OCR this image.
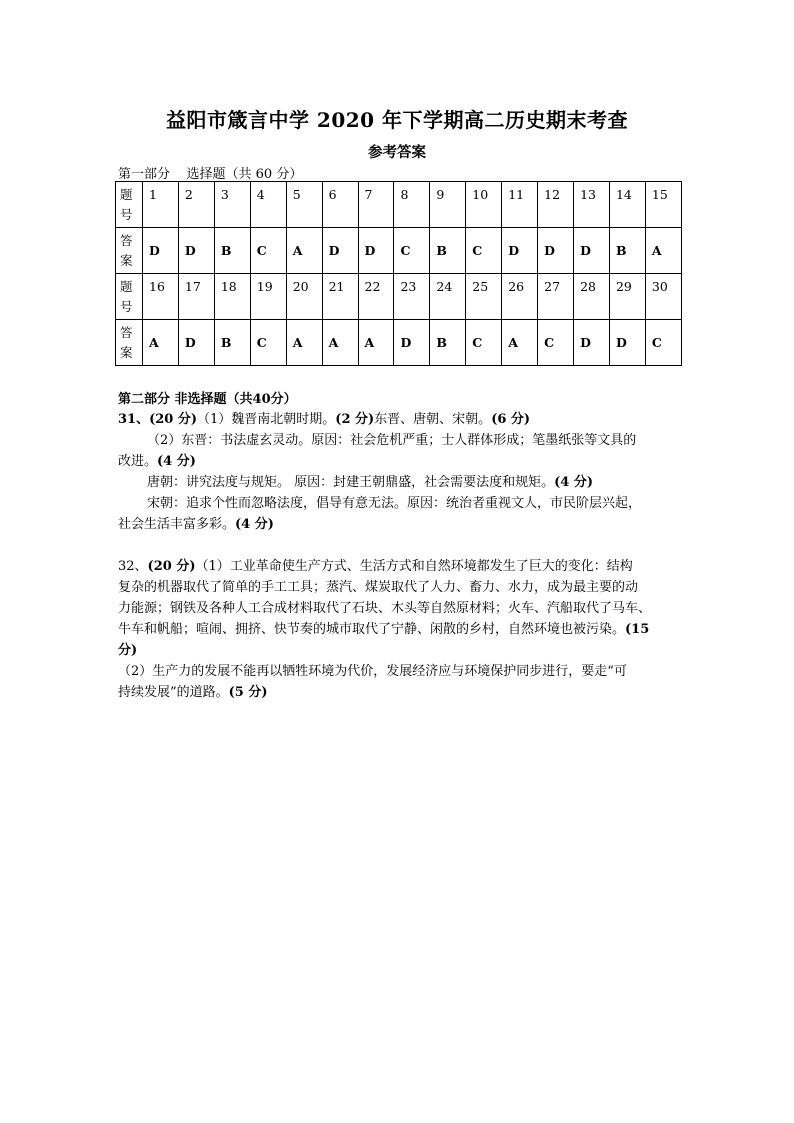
益阳市箴言中学 2020 年下学期高二历史期末考查
参考答案
第一部分    选择题（共 60 分）
题
号	1	2	3	4	5	6	7	8	9	10	11	12	13	14	15
答
案	D	D	B	C	A	D	D	C	B	C	D	D	D	B	A
题
号	16	17	18	19	20	21	22	23	24	25	26	27	28	29	30
答
案	A	D	B	C	A	A	A	D	B	C	A	C	D	D	C
第二部分 非选择题（共40分）
31、(20 分)（1）魏晋南北朝时期。(2 分)东晋、唐朝、宋朝。(6 分)
（2）东晋：书法虚玄灵动。原因：社会危机严重；士人群体形成；笔墨纸张等文具的
改进。(4 分)
唐朝：讲究法度与规矩。 原因：封建王朝鼎盛，社会需要法度和规矩。(4 分)
宋朝：追求个性而忽略法度，倡导有意无法。原因：统治者重视文人，市民阶层兴起，
社会生活丰富多彩。(4 分)
32、(20 分)（1）工业革命使生产方式、生活方式和自然环境都发生了巨大的变化：结构
复杂的机器取代了简单的手工工具；蒸汽、煤炭取代了人力、畜力、水力，成为最主要的动
力能源；钢铁及各种人工合成材料取代了石块、木头等自然原材料；火车、汽船取代了马车、
牛车和帆船；喧闹、拥挤、快节奏的城市取代了宁静、闲散的乡村，自然环境也被污染。(15
分)
（2）生产力的发展不能再以牺牲环境为代价，发展经济应与环境保护同步进行，要走“可
持续发展”的道路。(5 分)
